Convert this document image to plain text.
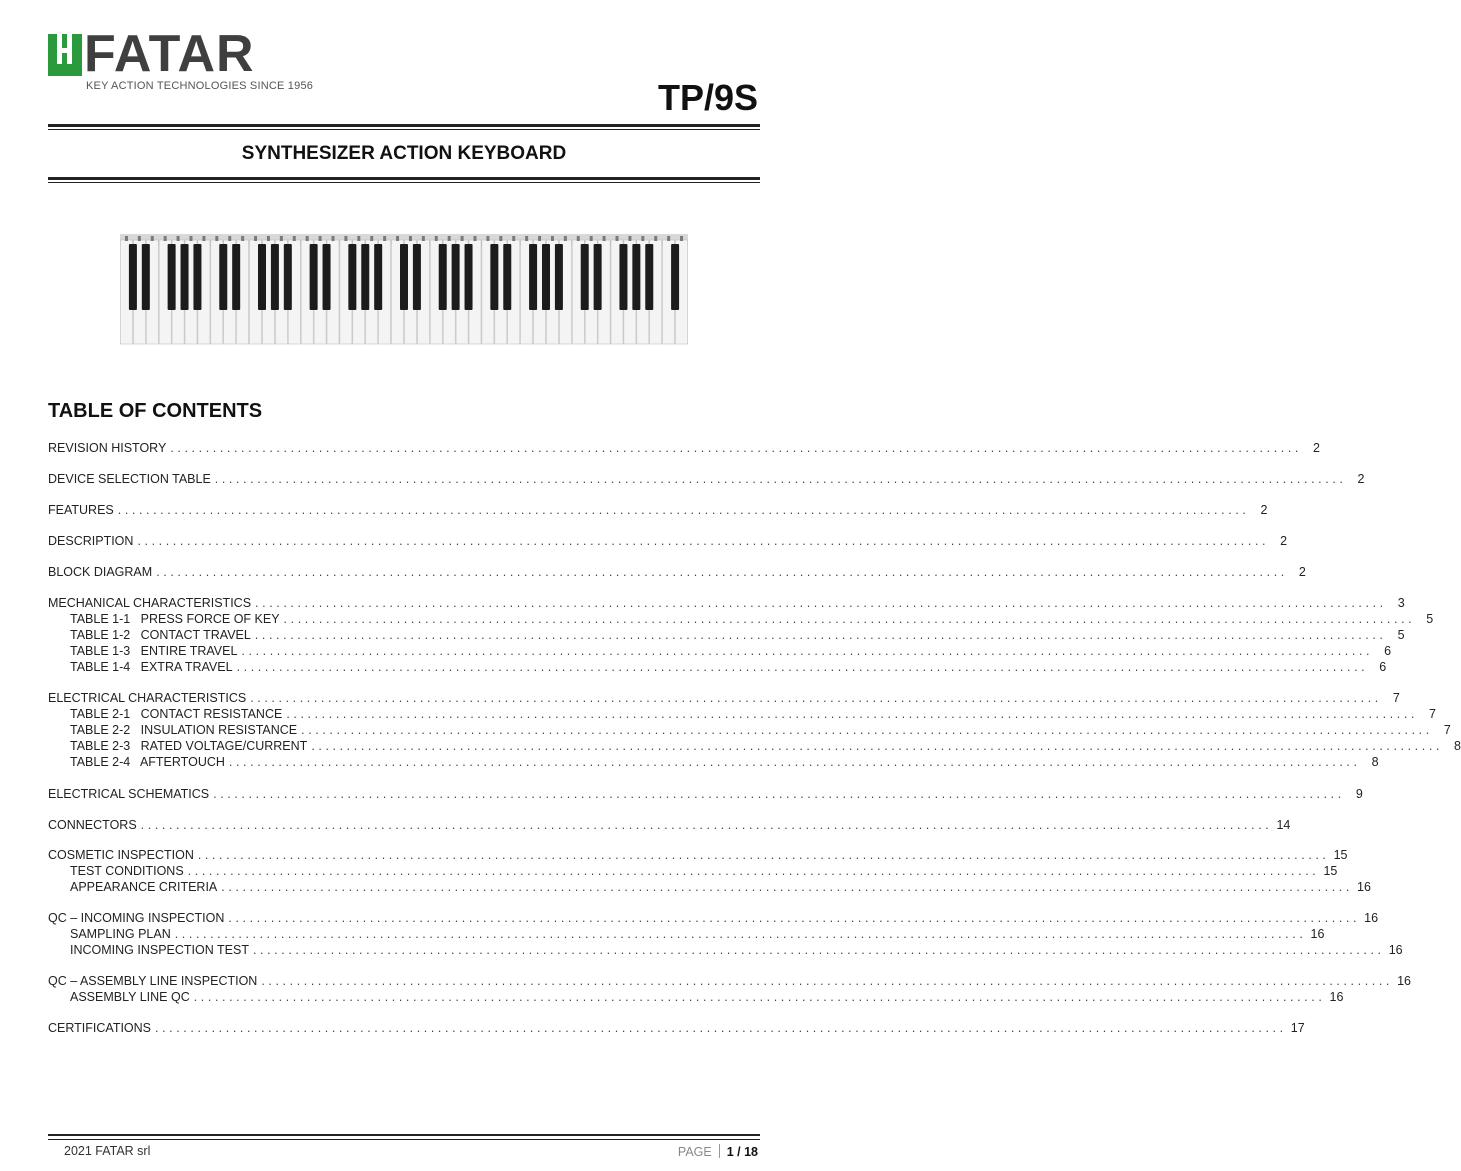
FATAR
KEY ACTION TECHNOLOGIES SINCE 1956	TP/9S
SYNTHESIZER ACTION KEYBOARD
TABLE OF CONTENTS
REVISION HISTORY ................................................................................................................................................................ 2
DEVICE SELECTION TABLE ................................................................................................................................................................ 2
FEATURES ................................................................................................................................................................ 2
DESCRIPTION ................................................................................................................................................................ 2
BLOCK DIAGRAM ................................................................................................................................................................ 2
MECHANICAL CHARACTERISTICS ................................................................................................................................................................ 3
TABLE 1-1   PRESS FORCE OF KEY ................................................................................................................................................................ 5
TABLE 1-2   CONTACT TRAVEL ................................................................................................................................................................ 5
TABLE 1-3   ENTIRE TRAVEL ................................................................................................................................................................ 6
TABLE 1-4   EXTRA TRAVEL ................................................................................................................................................................ 6
ELECTRICAL CHARACTERISTICS ................................................................................................................................................................ 7
TABLE 2-1   CONTACT RESISTANCE ................................................................................................................................................................ 7
TABLE 2-2   INSULATION RESISTANCE ................................................................................................................................................................ 7
TABLE 2-3   RATED VOLTAGE/CURRENT ................................................................................................................................................................ 8
TABLE 2-4   AFTERTOUCH ................................................................................................................................................................ 8
ELECTRICAL SCHEMATICS ................................................................................................................................................................ 9
CONNECTORS ................................................................................................................................................................ 14
COSMETIC INSPECTION ................................................................................................................................................................ 15
TEST CONDITIONS ................................................................................................................................................................ 15
APPEARANCE CRITERIA ................................................................................................................................................................ 16
QC – INCOMING INSPECTION ................................................................................................................................................................ 16
SAMPLING PLAN ................................................................................................................................................................ 16
INCOMING INSPECTION TEST ................................................................................................................................................................ 16
QC – ASSEMBLY LINE INSPECTION ................................................................................................................................................................ 16
ASSEMBLY LINE QC ................................................................................................................................................................ 16
CERTIFICATIONS ................................................................................................................................................................ 17
2021 FATAR srl	PAGE 1 / 18
